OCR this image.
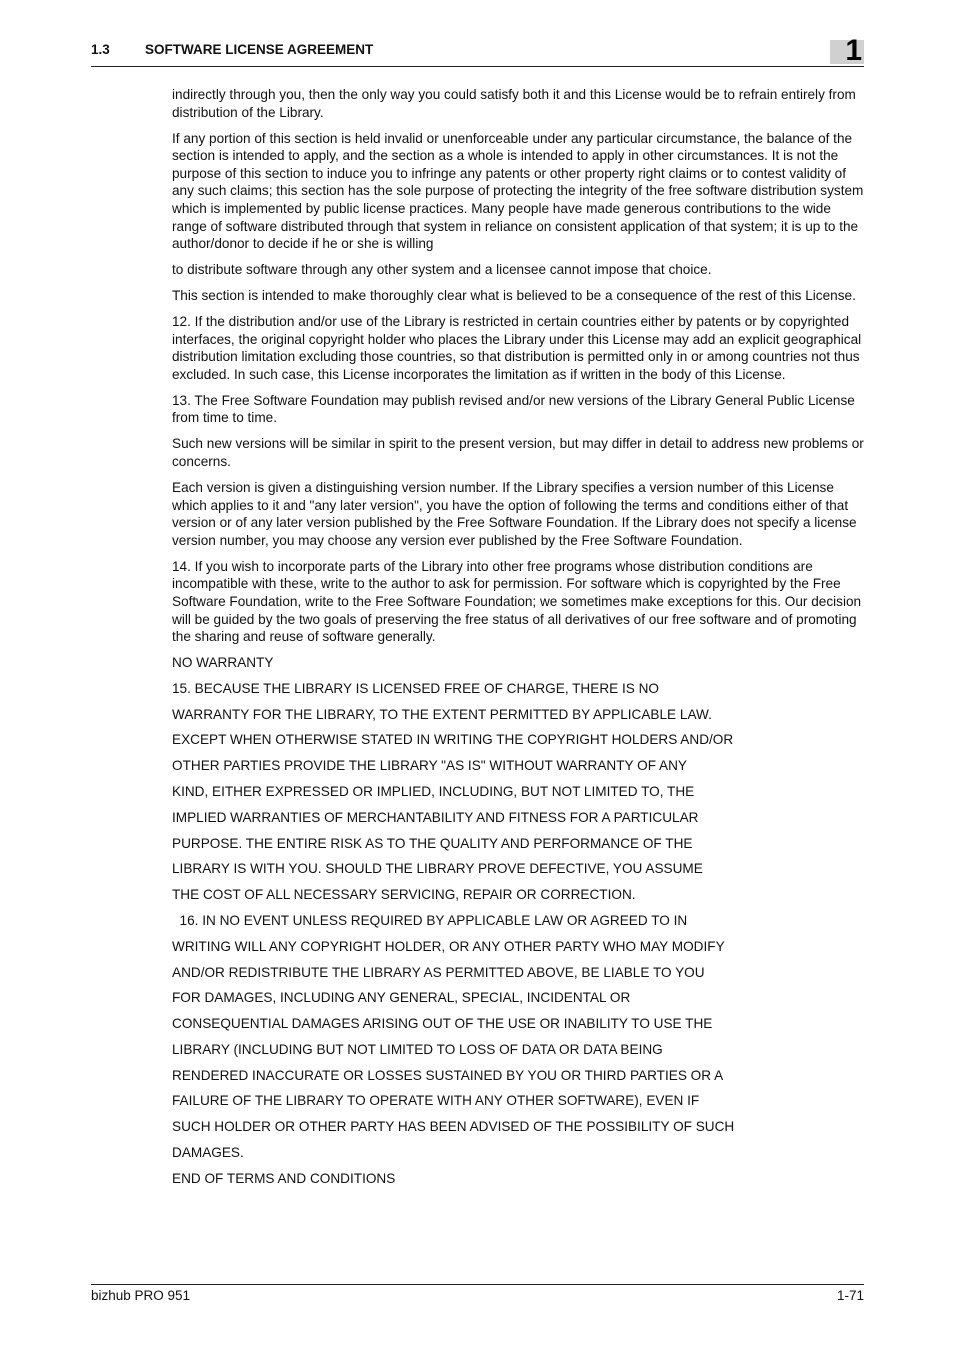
1.3	SOFTWARE LICENSE AGREEMENT	1

indirectly through you, then the only way you could satisfy both it and this License would be to refrain entirely from distribution of the Library.

If any portion of this section is held invalid or unenforceable under any particular circumstance, the balance of the section is intended to apply, and the section as a whole is intended to apply in other circumstances. It is not the purpose of this section to induce you to infringe any patents or other property right claims or to contest validity of any such claims; this section has the sole purpose of protecting the integrity of the free software distribution system which is implemented by public license practices. Many people have made generous contributions to the wide range of software distributed through that system in reliance on consistent application of that system; it is up to the author/donor to decide if he or she is willing

to distribute software through any other system and a licensee cannot impose that choice.

This section is intended to make thoroughly clear what is believed to be a consequence of the rest of this License.

12. If the distribution and/or use of the Library is restricted in certain countries either by patents or by copyrighted interfaces, the original copyright holder who places the Library under this License may add an explicit geographical distribution limitation excluding those countries, so that distribution is permitted only in or among countries not thus excluded. In such case, this License incorporates the limitation as if written in the body of this License.

13. The Free Software Foundation may publish revised and/or new versions of the Library General Public License from time to time.

Such new versions will be similar in spirit to the present version, but may differ in detail to address new problems or concerns.

Each version is given a distinguishing version number. If the Library specifies a version number of this License which applies to it and "any later version", you have the option of following the terms and conditions either of that version or of any later version published by the Free Software Foundation. If the Library does not specify a license version number, you may choose any version ever published by the Free Software Foundation.

14. If you wish to incorporate parts of the Library into other free programs whose distribution conditions are incompatible with these, write to the author to ask for permission. For software which is copyrighted by the Free Software Foundation, write to the Free Software Foundation; we sometimes make exceptions for this. Our decision will be guided by the two goals of preserving the free status of all derivatives of our free software and of promoting the sharing and reuse of software generally.

NO WARRANTY
15. BECAUSE THE LIBRARY IS LICENSED FREE OF CHARGE, THERE IS NO
WARRANTY FOR THE LIBRARY, TO THE EXTENT PERMITTED BY APPLICABLE LAW.
EXCEPT WHEN OTHERWISE STATED IN WRITING THE COPYRIGHT HOLDERS AND/OR
OTHER PARTIES PROVIDE THE LIBRARY "AS IS" WITHOUT WARRANTY OF ANY
KIND, EITHER EXPRESSED OR IMPLIED, INCLUDING, BUT NOT LIMITED TO, THE
IMPLIED WARRANTIES OF MERCHANTABILITY AND FITNESS FOR A PARTICULAR
PURPOSE. THE ENTIRE RISK AS TO THE QUALITY AND PERFORMANCE OF THE
LIBRARY IS WITH YOU. SHOULD THE LIBRARY PROVE DEFECTIVE, YOU ASSUME
THE COST OF ALL NECESSARY SERVICING, REPAIR OR CORRECTION.
16. IN NO EVENT UNLESS REQUIRED BY APPLICABLE LAW OR AGREED TO IN
WRITING WILL ANY COPYRIGHT HOLDER, OR ANY OTHER PARTY WHO MAY MODIFY
AND/OR REDISTRIBUTE THE LIBRARY AS PERMITTED ABOVE, BE LIABLE TO YOU
FOR DAMAGES, INCLUDING ANY GENERAL, SPECIAL, INCIDENTAL OR
CONSEQUENTIAL DAMAGES ARISING OUT OF THE USE OR INABILITY TO USE THE
LIBRARY (INCLUDING BUT NOT LIMITED TO LOSS OF DATA OR DATA BEING
RENDERED INACCURATE OR LOSSES SUSTAINED BY YOU OR THIRD PARTIES OR A
FAILURE OF THE LIBRARY TO OPERATE WITH ANY OTHER SOFTWARE), EVEN IF
SUCH HOLDER OR OTHER PARTY HAS BEEN ADVISED OF THE POSSIBILITY OF SUCH
DAMAGES.
END OF TERMS AND CONDITIONS
bizhub PRO 951	1-71
